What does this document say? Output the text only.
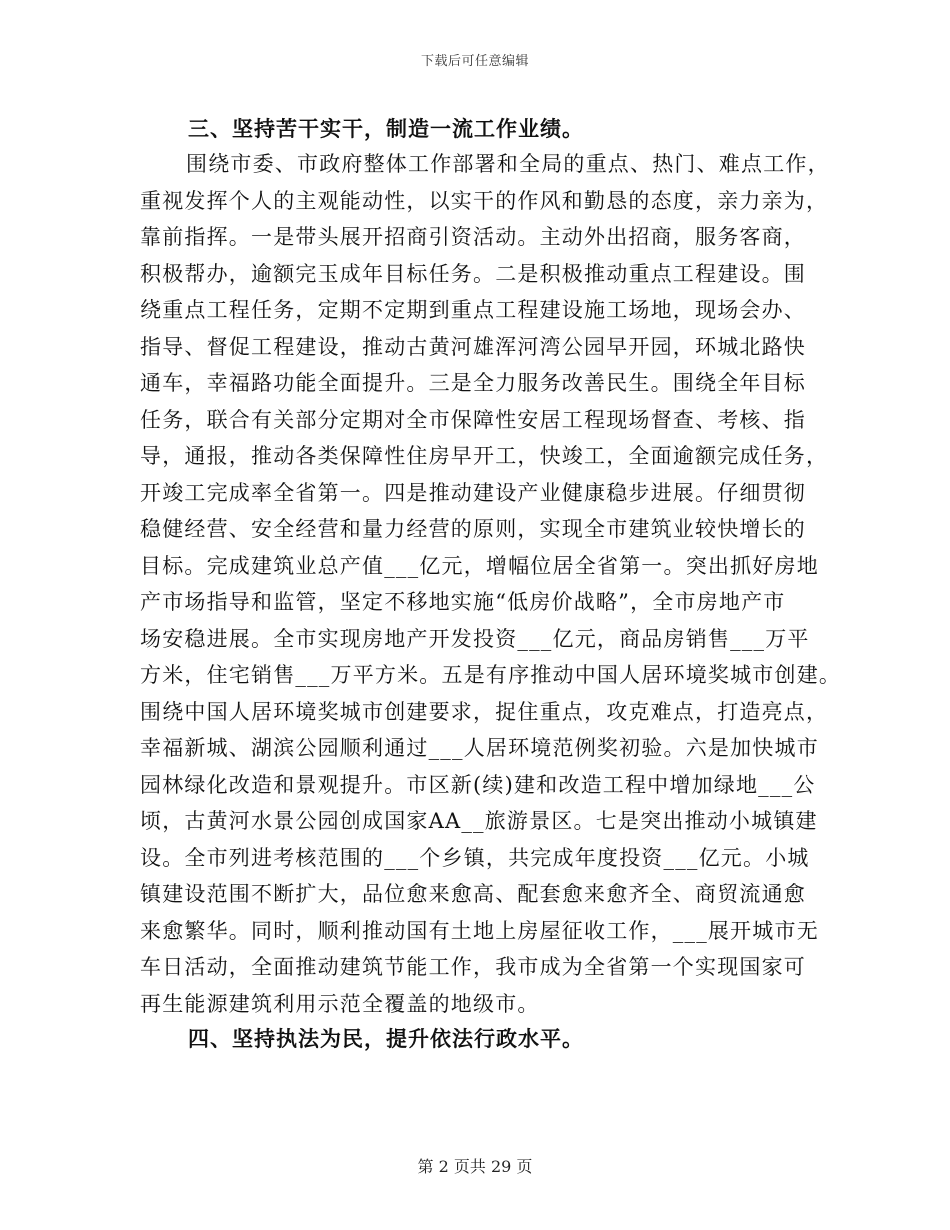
下载后可任意编辑
三、坚持苦干实干，制造一流工作业绩。
围绕市委、市政府整体工作部署和全局的重点、热门、难点工作，
重视发挥个人的主观能动性，以实干的作风和勤恳的态度，亲力亲为，
靠前指挥。一是带头展开招商引资活动。主动外出招商，服务客商，
积极帮办，逾额完玉成年目标任务。二是积极推动重点工程建设。围
绕重点工程任务，定期不定期到重点工程建设施工场地，现场会办、
指导、督促工程建设，推动古黄河雄浑河湾公园早开园，环城北路快
通车，幸福路功能全面提升。三是全力服务改善民生。围绕全年目标
任务，联合有关部分定期对全市保障性安居工程现场督查、考核、指
导，通报，推动各类保障性住房早开工，快竣工，全面逾额完成任务，
开竣工完成率全省第一。四是推动建设产业健康稳步进展。仔细贯彻
稳健经营、安全经营和量力经营的原则，实现全市建筑业较快增长的
目标。完成建筑业总产值___亿元，增幅位居全省第一。突出抓好房地
产市场指导和监管，坚定不移地实施“低房价战略”，全市房地产市
场安稳进展。全市实现房地产开发投资___亿元，商品房销售___万平
方米，住宅销售___万平方米。五是有序推动中国人居环境奖城市创建。
围绕中国人居环境奖城市创建要求，捉住重点，攻克难点，打造亮点，
幸福新城、湖滨公园顺利通过___人居环境范例奖初验。六是加快城市
园林绿化改造和景观提升。市区新(续)建和改造工程中增加绿地___公
顷，古黄河水景公园创成国家AA__旅游景区。七是突出推动小城镇建
设。全市列进考核范围的___个乡镇，共完成年度投资___亿元。小城
镇建设范围不断扩大，品位愈来愈高、配套愈来愈齐全、商贸流通愈
来愈繁华。同时，顺利推动国有土地上房屋征收工作，___展开城市无
车日活动，全面推动建筑节能工作，我市成为全省第一个实现国家可
再生能源建筑利用示范全覆盖的地级市。
四、坚持执法为民，提升依法行政水平。
第 2 页共 29 页
